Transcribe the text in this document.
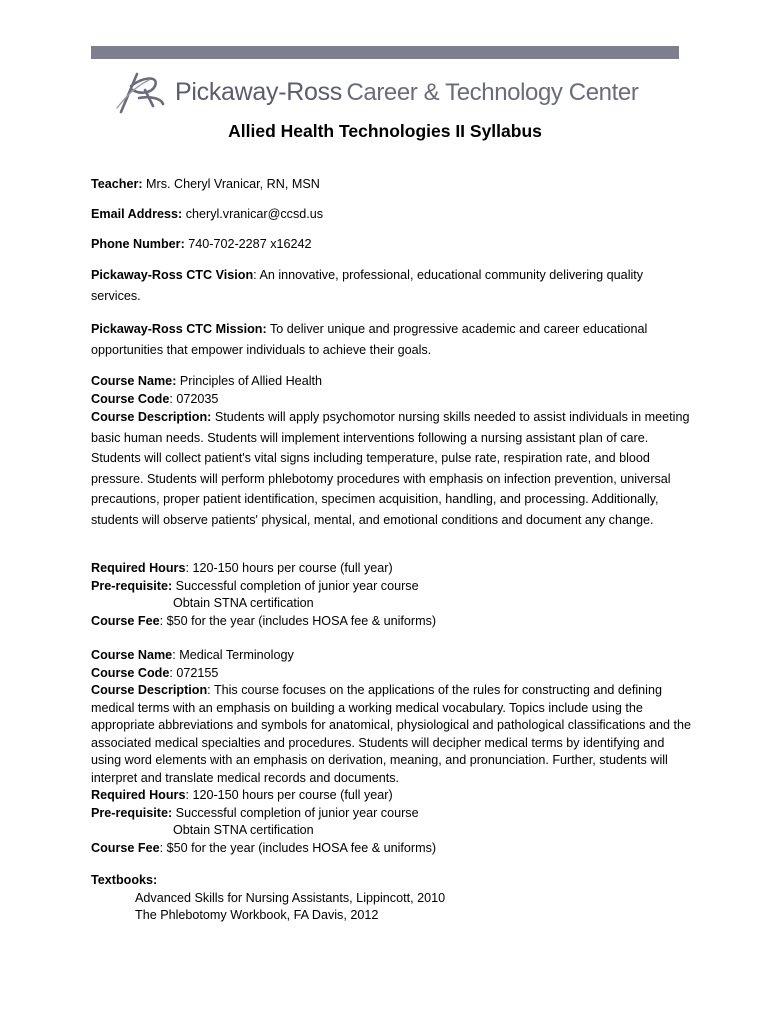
Pickaway-Ross Career & Technology Center
Allied Health Technologies II Syllabus

Teacher: Mrs. Cheryl Vranicar, RN, MSN

Email Address: cheryl.vranicar@ccsd.us

Phone Number: 740-702-2287 x16242

Pickaway-Ross CTC Vision: An innovative, professional, educational community delivering quality services.

Pickaway-Ross CTC Mission: To deliver unique and progressive academic and career educational opportunities that empower individuals to achieve their goals.

Course Name: Principles of Allied Health

Course Code: 072035

Course Description: Students will apply psychomotor nursing skills needed to assist individuals in meeting basic human needs. Students will implement interventions following a nursing assistant plan of care. Students will collect patient's vital signs including temperature, pulse rate, respiration rate, and blood pressure. Students will perform phlebotomy procedures with emphasis on infection prevention, universal precautions, proper patient identification, specimen acquisition, handling, and processing. Additionally, students will observe patients' physical, mental, and emotional conditions and document any change.

Required Hours: 120-150 hours per course (full year)

Pre-requisite: Successful completion of junior year course

Obtain STNA certification

Course Fee: $50 for the year (includes HOSA fee & uniforms)

Course Name: Medical Terminology

Course Code: 072155

Course Description: This course focuses on the applications of the rules for constructing and defining medical terms with an emphasis on building a working medical vocabulary. Topics include using the appropriate abbreviations and symbols for anatomical, physiological and pathological classifications and the associated medical specialties and procedures. Students will decipher medical terms by identifying and using word elements with an emphasis on derivation, meaning, and pronunciation. Further, students will interpret and translate medical records and documents.

Required Hours: 120-150 hours per course (full year)

Pre-requisite: Successful completion of junior year course

Obtain STNA certification

Course Fee: $50 for the year (includes HOSA fee & uniforms)

Textbooks:

Advanced Skills for Nursing Assistants, Lippincott, 2010

The Phlebotomy Workbook, FA Davis, 2012
